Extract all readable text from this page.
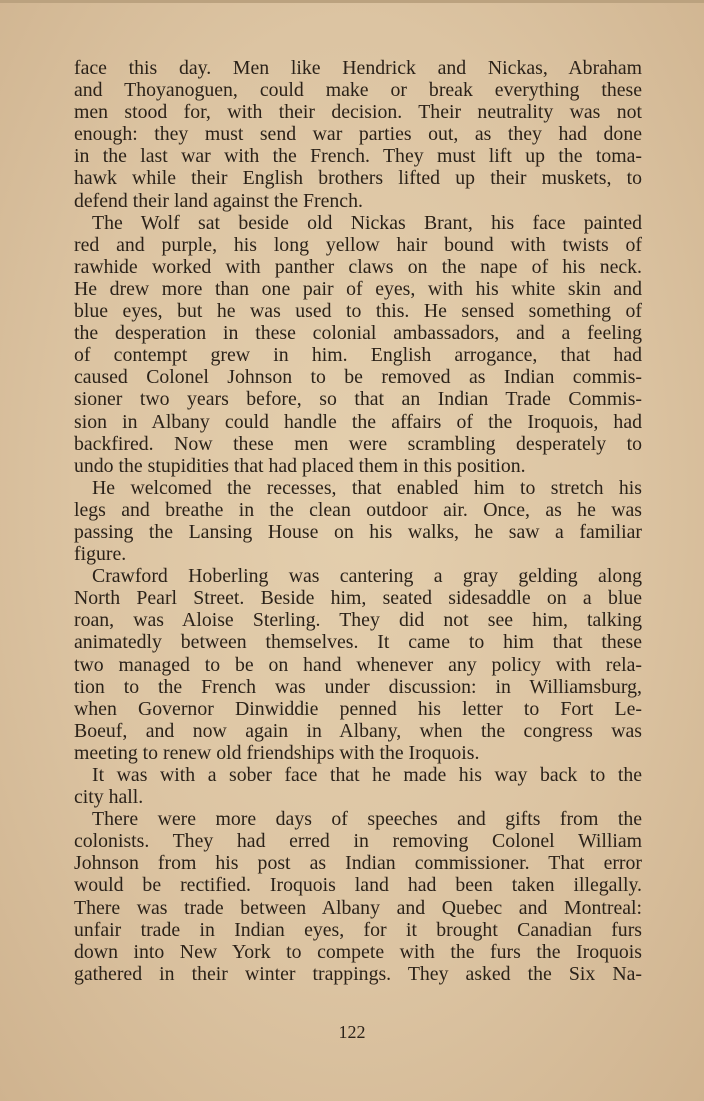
face this day. Men like Hendrick and Nickas, Abraham
and Thoyanoguen, could make or break everything these
men stood for, with their decision. Their neutrality was not
enough: they must send war parties out, as they had done
in the last war with the French. They must lift up the toma-
hawk while their English brothers lifted up their muskets, to
defend their land against the French.
The Wolf sat beside old Nickas Brant, his face painted
red and purple, his long yellow hair bound with twists of
rawhide worked with panther claws on the nape of his neck.
He drew more than one pair of eyes, with his white skin and
blue eyes, but he was used to this. He sensed something of
the desperation in these colonial ambassadors, and a feeling
of contempt grew in him. English arrogance, that had
caused Colonel Johnson to be removed as Indian commis-
sioner two years before, so that an Indian Trade Commis-
sion in Albany could handle the affairs of the Iroquois, had
backfired. Now these men were scrambling desperately to
undo the stupidities that had placed them in this position.
He welcomed the recesses, that enabled him to stretch his
legs and breathe in the clean outdoor air. Once, as he was
passing the Lansing House on his walks, he saw a familiar
figure.
Crawford Hoberling was cantering a gray gelding along
North Pearl Street. Beside him, seated sidesaddle on a blue
roan, was Aloise Sterling. They did not see him, talking
animatedly between themselves. It came to him that these
two managed to be on hand whenever any policy with rela-
tion to the French was under discussion: in Williamsburg,
when Governor Dinwiddie penned his letter to Fort Le-
Boeuf, and now again in Albany, when the congress was
meeting to renew old friendships with the Iroquois.
It was with a sober face that he made his way back to the
city hall.
There were more days of speeches and gifts from the
colonists. They had erred in removing Colonel William
Johnson from his post as Indian commissioner. That error
would be rectified. Iroquois land had been taken illegally.
There was trade between Albany and Quebec and Montreal:
unfair trade in Indian eyes, for it brought Canadian furs
down into New York to compete with the furs the Iroquois
gathered in their winter trappings. They asked the Six Na-
122
